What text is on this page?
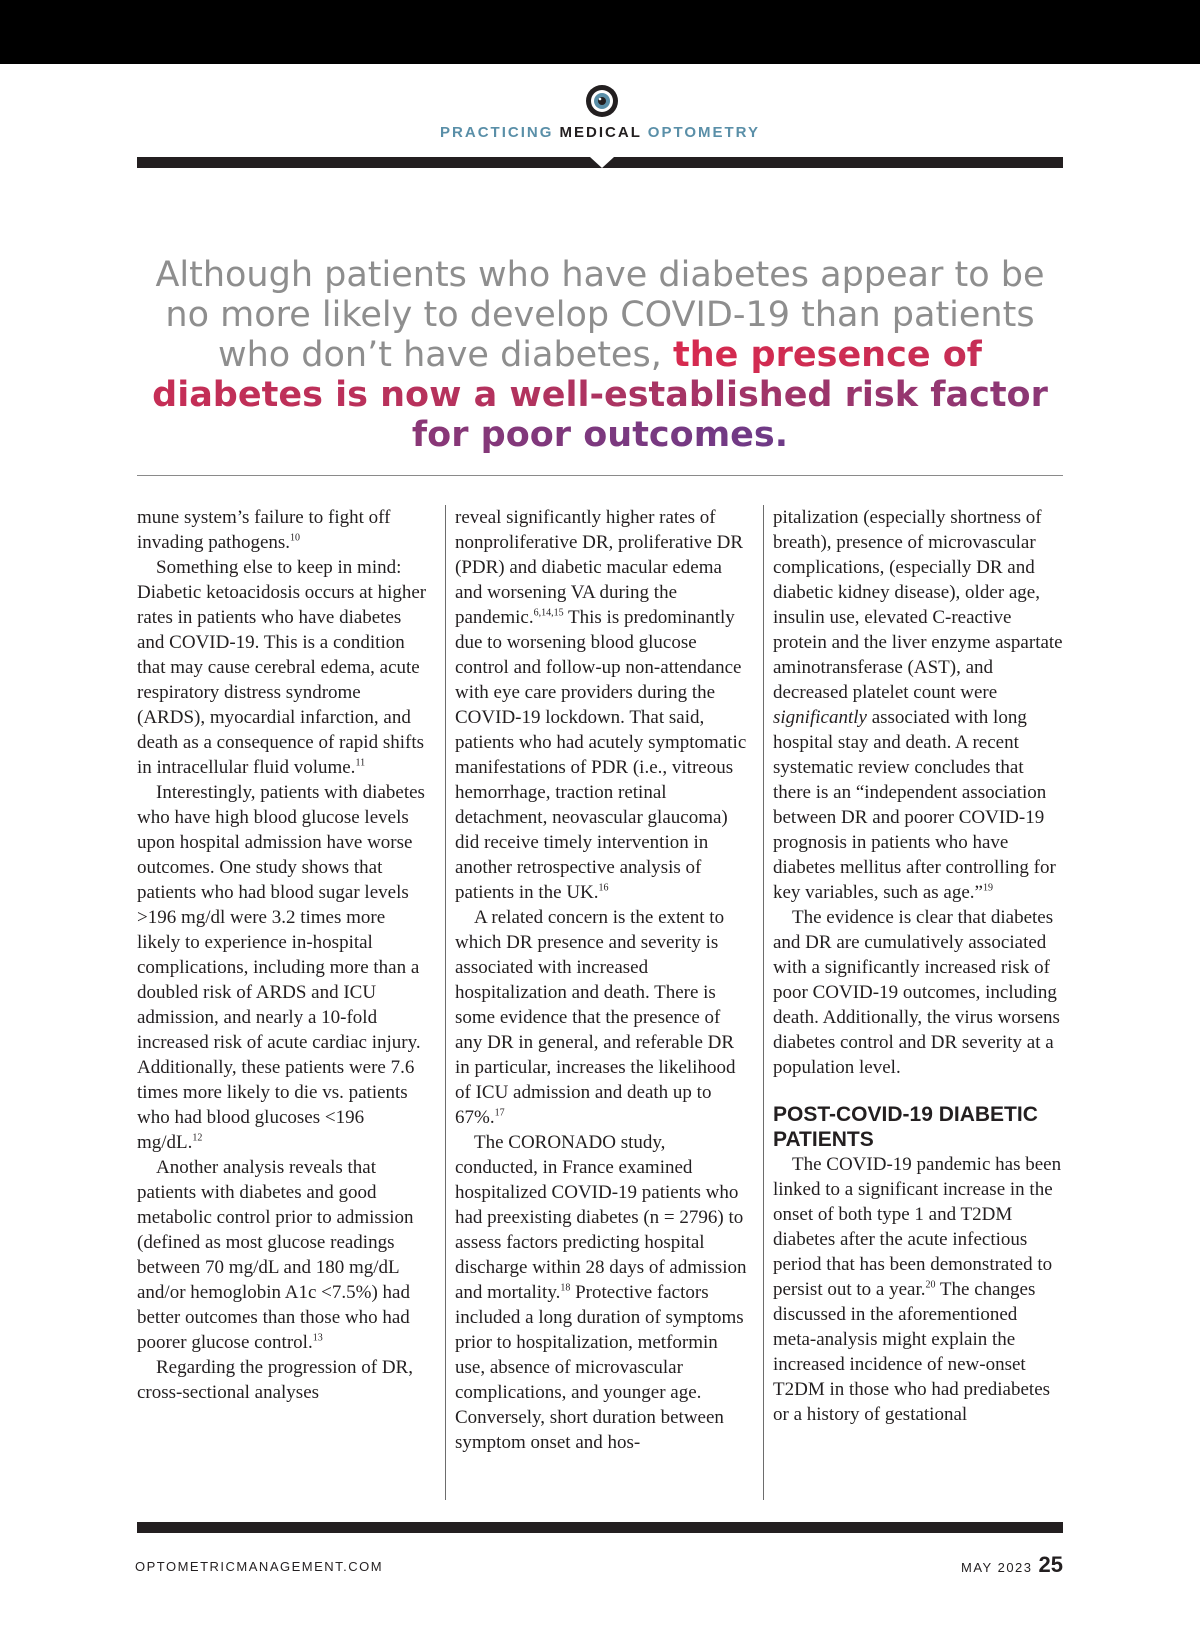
PRACTICING MEDICAL OPTOMETRY
Although patients who have diabetes appear to be no more likely to develop COVID-19 than patients who don’t have diabetes, the presence of diabetes is now a well-established risk factor for poor outcomes.

mune system’s failure to fight off invading pathogens.$^{10}$

Something else to keep in mind: Diabetic ketoacidosis occurs at higher rates in patients who have diabetes and COVID-19. This is a condition that may cause cerebral edema, acute respiratory distress syndrome (ARDS), myocardial infarction, and death as a consequence of rapid shifts in intracellular fluid volume.$^{11}$

Interestingly, patients with diabetes who have high blood glucose levels upon hospital admission have worse outcomes. One study shows that patients who had blood sugar levels >196 mg/dl were 3.2 times more likely to experience in-hospital complications, including more than a doubled risk of ARDS and ICU admission, and nearly a 10-fold increased risk of acute cardiac injury. Additionally, these patients were 7.6 times more likely to die vs. patients who had blood glucoses <196 mg/dL.$^{12}$

Another analysis reveals that patients with diabetes and good metabolic control prior to admission (defined as most glucose readings between 70 mg/dL and 180 mg/dL and/or hemoglobin A1c <7.5%) had better outcomes than those who had poorer glucose control.$^{13}$

Regarding the progression of DR, cross-sectional analyses

reveal significantly higher rates of nonproliferative DR, proliferative DR (PDR) and diabetic macular edema and worsening VA during the pandemic.$^{6,14,15}$ This is predominantly due to worsening blood glucose control and follow-up non-attendance with eye care providers during the COVID-19 lockdown. That said, patients who had acutely symptomatic manifestations of PDR (i.e., vitreous hemorrhage, traction retinal detachment, neovascular glaucoma) did receive timely intervention in another retrospective analysis of patients in the UK.$^{16}$

A related concern is the extent to which DR presence and severity is associated with increased hospitalization and death. There is some evidence that the presence of any DR in general, and referable DR in particular, increases the likelihood of ICU admission and death up to 67%.$^{17}$

The CORONADO study, conducted, in France examined hospitalized COVID-19 patients who had preexisting diabetes (n = 2796) to assess factors predicting hospital discharge within 28 days of admission and mortality.$^{18}$ Protective factors included a long duration of symptoms prior to hospitalization, metformin use, absence of microvascular complications, and younger age. Conversely, short duration between symptom onset and hos-

pitalization (especially shortness of breath), presence of microvascular complications, (especially DR and diabetic kidney disease), older age, insulin use, elevated C-reactive protein and the liver enzyme aspartate aminotransferase (AST), and decreased platelet count were significantly associated with long hospital stay and death. A recent systematic review concludes that there is an “independent association between DR and poorer COVID-19 prognosis in patients who have diabetes mellitus after controlling for key variables, such as age.”$^{19}$

The evidence is clear that diabetes and DR are cumulatively associated with a significantly increased risk of poor COVID-19 outcomes, including death. Additionally, the virus worsens diabetes control and DR severity at a population level.

POST-COVID-19 DIABETIC PATIENTS

The COVID-19 pandemic has been linked to a significant increase in the onset of both type 1 and T2DM diabetes after the acute infectious period that has been demonstrated to persist out to a year.$^{20}$ The changes discussed in the aforementioned meta-analysis might explain the increased incidence of new-onset T2DM in those who had prediabetes or a history of gestational

OPTOMETRICMANAGEMENT.COM	MAY 2023 25
